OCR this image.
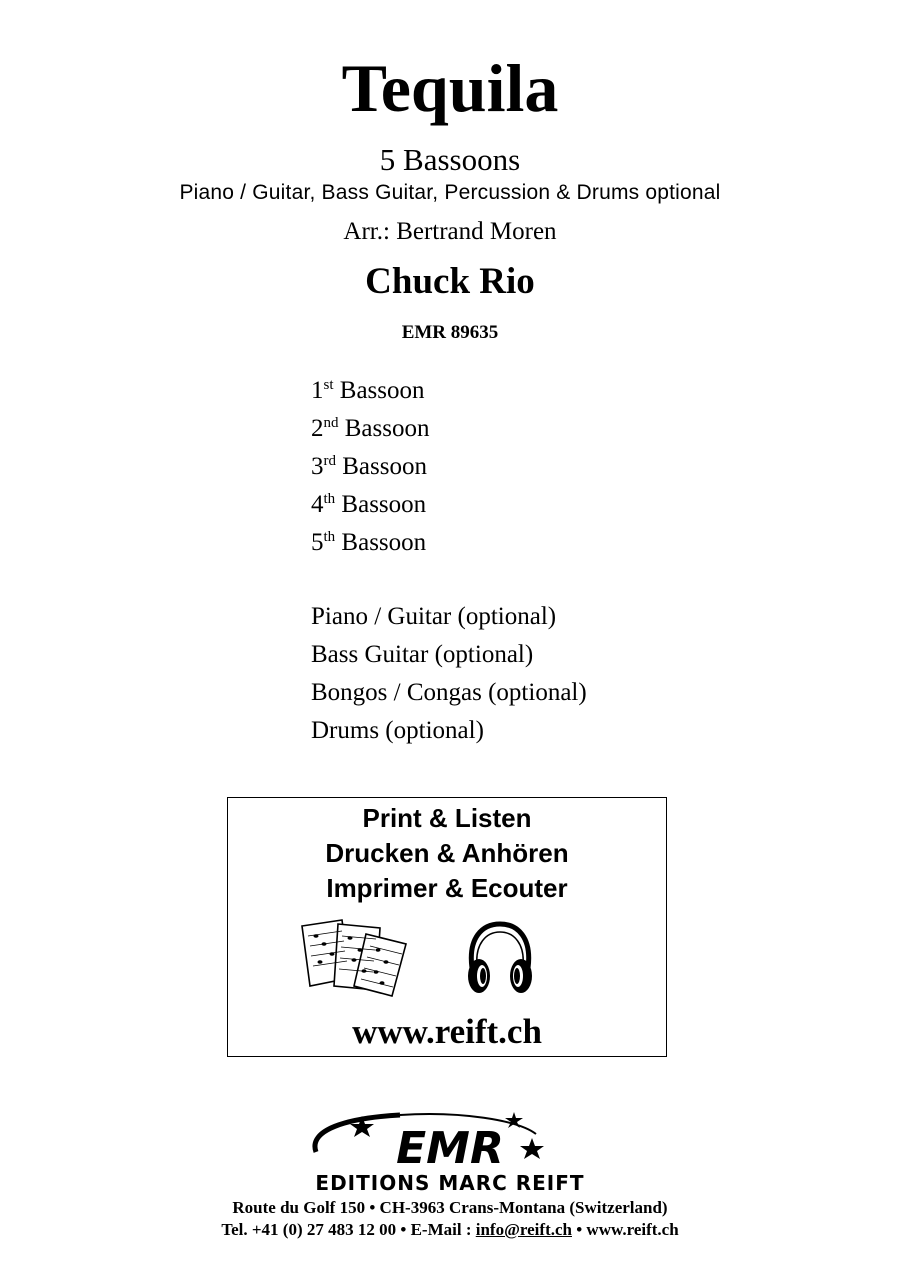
Tequila
5 Bassoons
Piano / Guitar, Bass Guitar, Percussion & Drums optional
Arr.: Bertrand Moren
Chuck Rio
EMR 89635
1st Bassoon
2nd Bassoon
3rd Bassoon
4th Bassoon
5th Bassoon
Piano / Guitar (optional)
Bass Guitar (optional)
Bongos / Congas (optional)
Drums (optional)
Print & Listen
Drucken & Anhören
Imprimer & Ecouter
www.reift.ch
EMR
EDITIONS MARC REIFT
Route du Golf 150 • CH-3963 Crans-Montana (Switzerland)
Tel. +41 (0) 27 483 12 00 • E-Mail : info@reift.ch • www.reift.ch
